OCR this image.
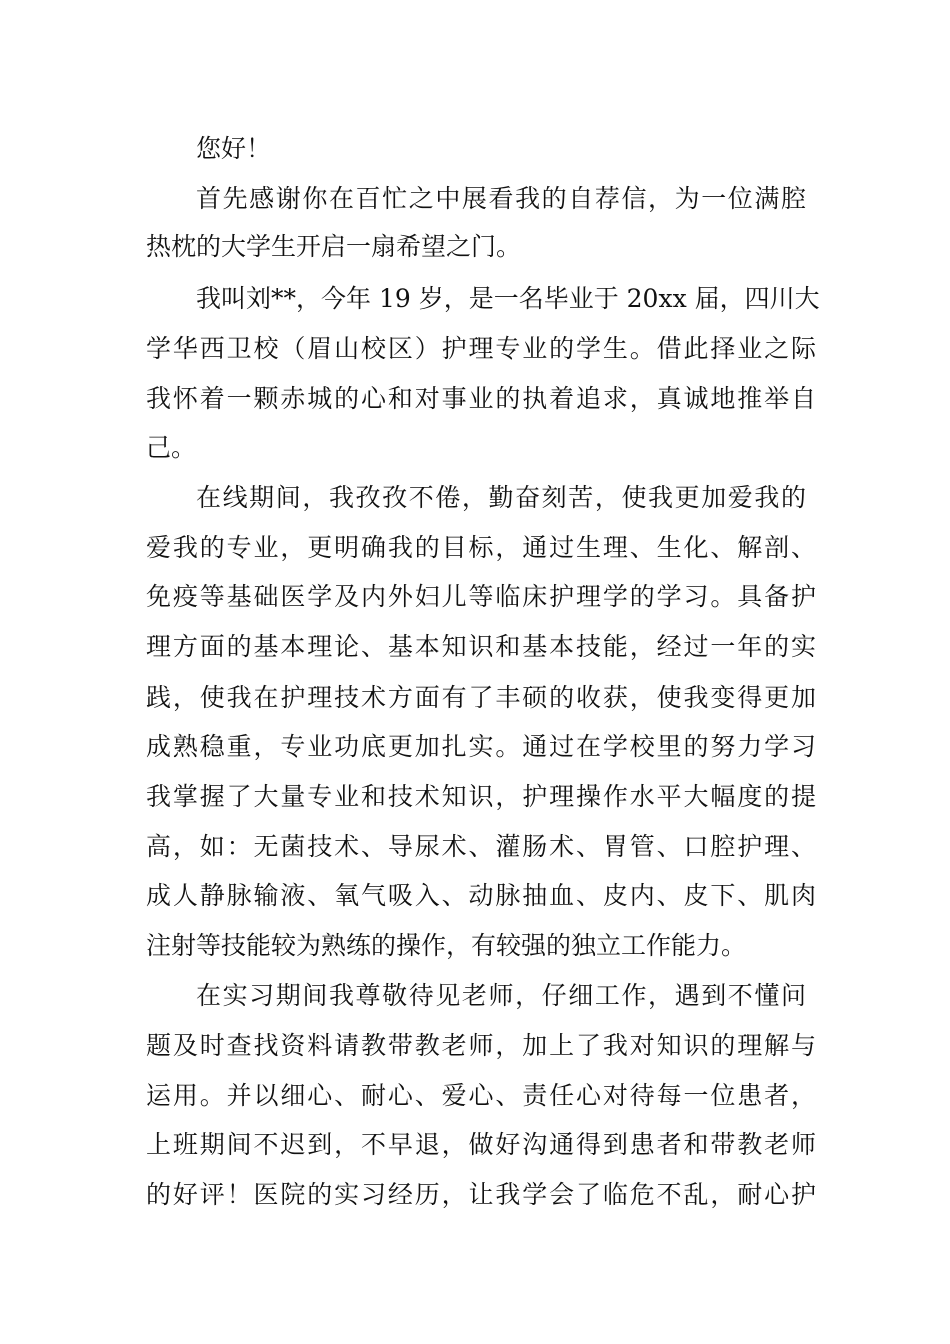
您好！
首先感谢你在百忙之中展看我的自荐信，为一位满腔
热枕的大学生开启一扇希望之门。
我叫刘**，今年 19 岁，是一名毕业于 20xx 届，四川大
学华西卫校（眉山校区）护理专业的学生。借此择业之际
我怀着一颗赤城的心和对事业的执着追求，真诚地推举自
己。
在线期间，我孜孜不倦，勤奋刻苦，使我更加爱我的
爱我的专业，更明确我的目标，通过生理、生化、解剖、
免疫等基础医学及内外妇儿等临床护理学的学习。具备护
理方面的基本理论、基本知识和基本技能，经过一年的实
践，使我在护理技术方面有了丰硕的收获，使我变得更加
成熟稳重，专业功底更加扎实。通过在学校里的努力学习
我掌握了大量专业和技术知识，护理操作水平大幅度的提
高，如：无菌技术、导尿术、灌肠术、胃管、口腔护理、
成人静脉输液、氧气吸入、动脉抽血、皮内、皮下、肌肉
注射等技能较为熟练的操作，有较强的独立工作能力。
在实习期间我尊敬待见老师，仔细工作，遇到不懂问
题及时查找资料请教带教老师，加上了我对知识的理解与
运用。并以细心、耐心、爱心、责任心对待每一位患者，
上班期间不迟到，不早退，做好沟通得到患者和带教老师
的好评！医院的实习经历，让我学会了临危不乱，耐心护
